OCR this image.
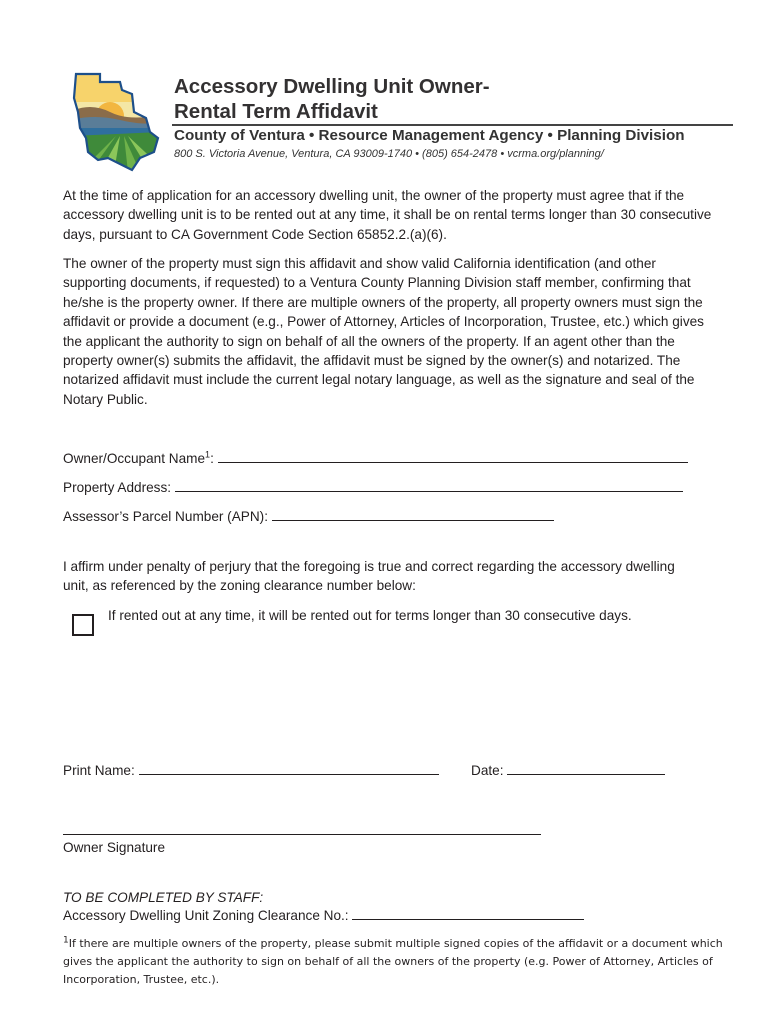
Accessory Dwelling Unit Owner-
Rental Term Affidavit
County of Ventura • Resource Management Agency • Planning Division
800 S. Victoria Avenue, Ventura, CA 93009-1740 • (805) 654-2478 • vcrma.org/planning/

At the time of application for an accessory dwelling unit, the owner of the property must agree that if the accessory dwelling unit is to be rented out at any time, it shall be on rental terms longer than 30 consecutive days, pursuant to CA Government Code Section 65852.2.(a)(6).

The owner of the property must sign this affidavit and show valid California identification (and other supporting documents, if requested) to a Ventura County Planning Division staff member, confirming that he/she is the property owner. If there are multiple owners of the property, all property owners must sign the affidavit or provide a document (e.g., Power of Attorney, Articles of Incorporation, Trustee, etc.) which gives the applicant the authority to sign on behalf of all the owners of the property. If an agent other than the property owner(s) submits the affidavit, the affidavit must be signed by the owner(s) and notarized. The notarized affidavit must include the current legal notary language, as well as the signature and seal of the Notary Public.

Owner/Occupant Name$^1$:
Property Address:
Assessor’s Parcel Number (APN):

I affirm under penalty of perjury that the foregoing is true and correct regarding the accessory dwelling unit, as referenced by the zoning clearance number below:

If rented out at any time, it will be rented out for terms longer than 30 consecutive days.
Print Name:	Date:
Owner Signature
TO BE COMPLETED BY STAFF:
Accessory Dwelling Unit Zoning Clearance No.:
$^1$If there are multiple owners of the property, please submit multiple signed copies of the affidavit or a document which gives the applicant the authority to sign on behalf of all the owners of the property (e.g. Power of Attorney, Articles of Incorporation, Trustee, etc.).
